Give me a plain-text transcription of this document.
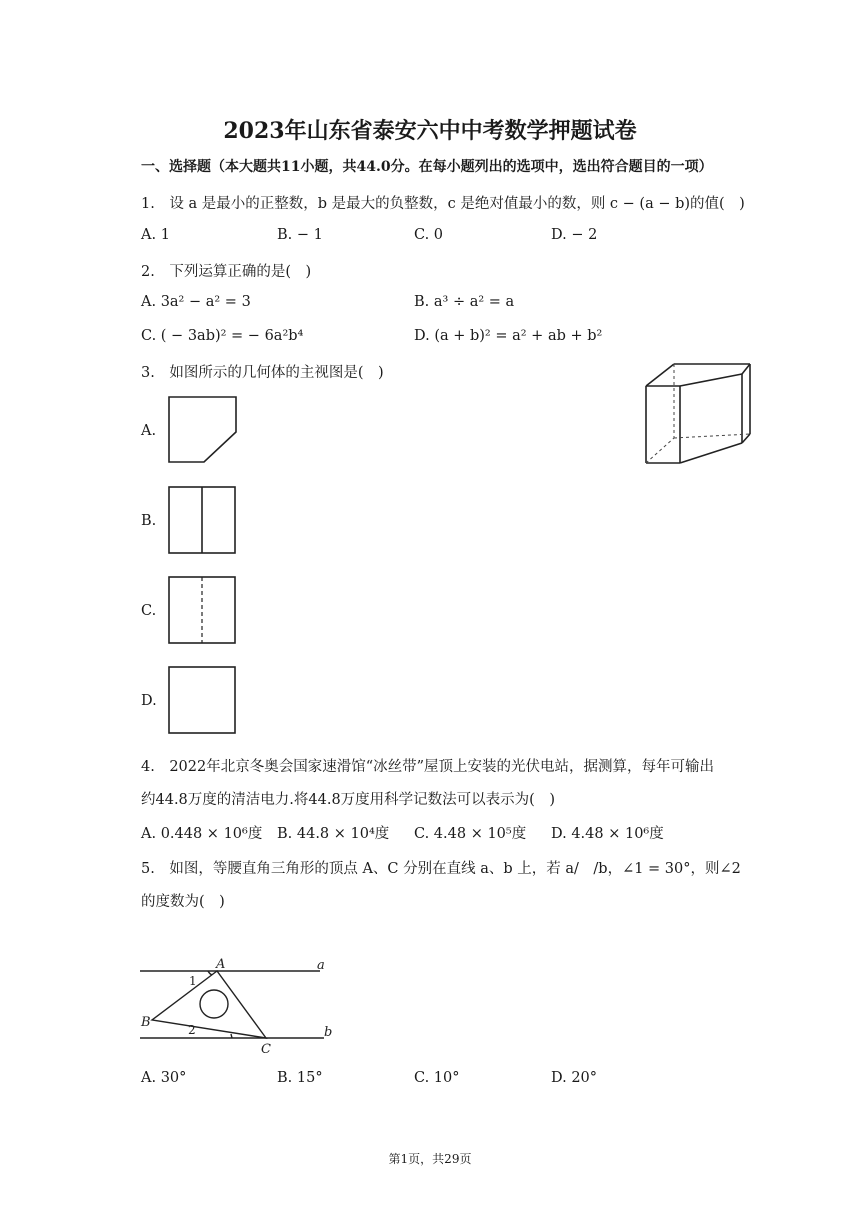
2023年山东省泰安六中中考数学押题试卷
一、选择题（本大题共11小题，共44.0分。在每小题列出的选项中，选出符合题目的一项）
1.　设 a 是最小的正整数，b 是最大的负整数，c 是绝对值最小的数，则 c − (a − b)的值(　)
A. 1	B. − 1	C. 0	D. − 2
2.　下列运算正确的是(　)
A. 3a² − a² = 3	B. a³ ÷ a² = a
C. ( − 3ab)² = − 6a²b⁴	D. (a + b)² = a² + ab + b²
3.　如图所示的几何体的主视图是(　)
A.
B.
C.
D.
4.　2022年北京冬奥会国家速滑馆“冰丝带”屋顶上安装的光伏电站，据测算，每年可输出
约44.8万度的清洁电力.将44.8万度用科学记数法可以表示为(　)
A. 0.448 × 10⁶度 B. 44.8 × 10⁴度 C. 4.48 × 10⁵度 D. 4.48 × 10⁶度
5.　如图，等腰直角三角形的顶点 A、C 分别在直线 a、b 上，若 a/　/b，∠1 = 30°，则∠2
的度数为(　)
A
B
C
a
b
1
2
A. 30°	B. 15°	C. 10°	D. 20°
第1页，共29页
